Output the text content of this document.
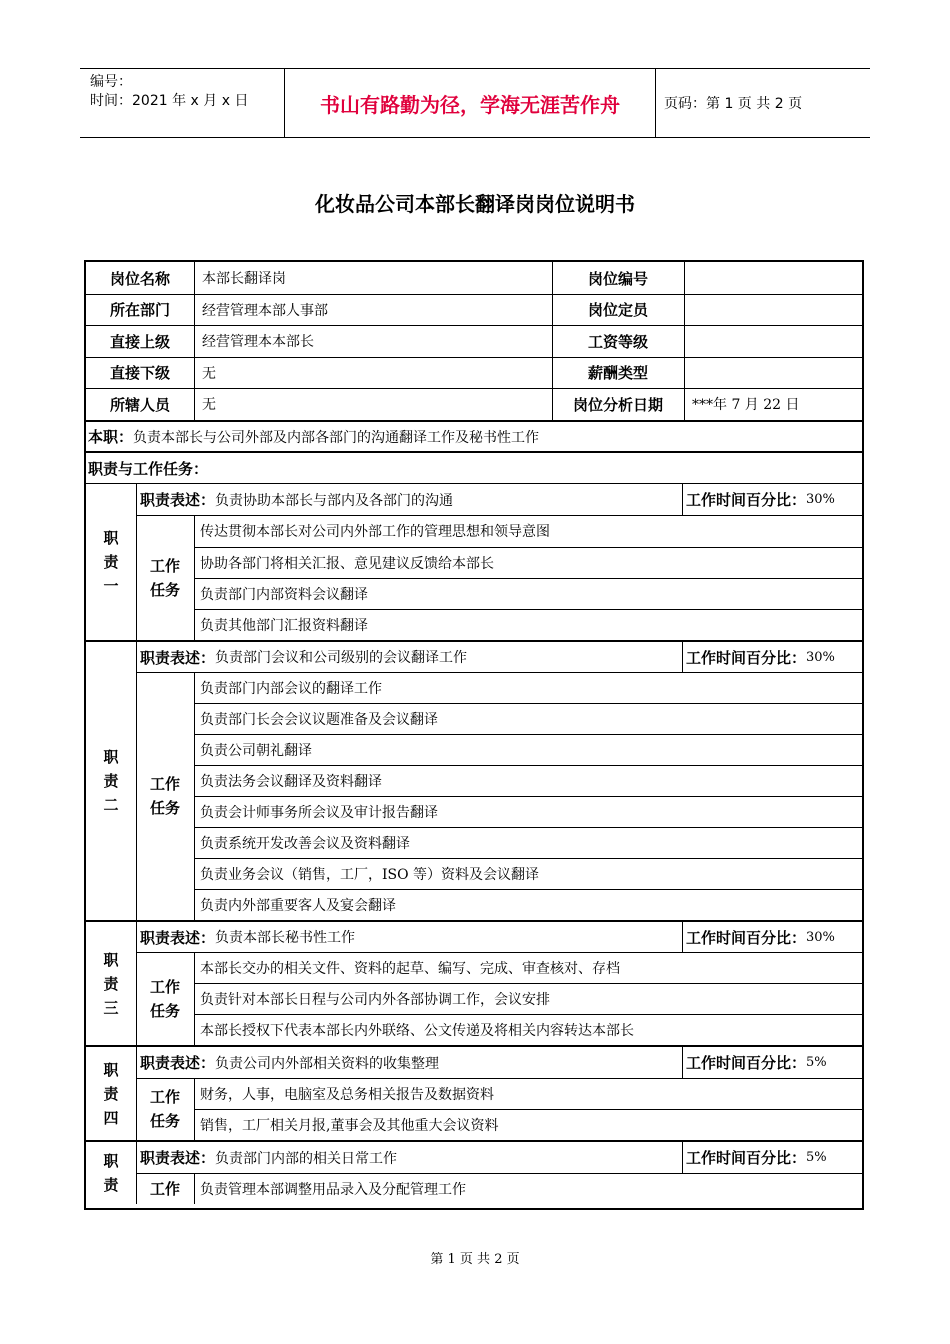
编号：
时间：2021 年 x 月 x 日	书山有路勤为径，学海无涯苦作舟	页码：第 1 页 共 2 页
化妆品公司本部长翻译岗岗位说明书
岗位名称	本部长翻译岗	岗位编号
所在部门	经营管理本部人事部	岗位定员
直接上级	经营管理本本部长	工资等级
直接下级	无	薪酬类型
所辖人员	无	岗位分析日期	***年 7 月 22 日
本职： 负责本部长与公司外部及内部各部门的沟通翻译工作及秘书性工作
职责与工作任务：
职
责
一
职责表述： 负责协助本部长与部内及各部门的沟通	工作时间百分比： 30%
工作
任务
传达贯彻本部长对公司内外部工作的管理思想和领导意图
协助各部门将相关汇报、意见建议反馈给本部长
负责部门内部资料会议翻译
负责其他部门汇报资料翻译
职
责
二
职责表述： 负责部门会议和公司级别的会议翻译工作	工作时间百分比： 30%
工作
任务
负责部门内部会议的翻译工作
负责部门长会会议议题准备及会议翻译
负责公司朝礼翻译
负责法务会议翻译及资料翻译
负责会计师事务所会议及审计报告翻译
负责系统开发改善会议及资料翻译
负责业务会议（销售，工厂，ISO 等）资料及会议翻译
负责内外部重要客人及宴会翻译
职
责
三
职责表述： 负责本部长秘书性工作	工作时间百分比： 30%
工作
任务
本部长交办的相关文件、资料的起草、编写、完成、审查核对、存档
负责针对本部长日程与公司内外各部协调工作，会议安排
本部长授权下代表本部长内外联络、公文传递及将相关内容转达本部长
职
责
四
职责表述： 负责公司内外部相关资料的收集整理	工作时间百分比： 5%
工作
任务
财务，人事，电脑室及总务相关报告及数据资料
销售，工厂相关月报,董事会及其他重大会议资料
职
责
职责表述： 负责部门内部的相关日常工作	工作时间百分比： 5%
工作	负责管理本部调整用品录入及分配管理工作
第 1 页 共 2 页
